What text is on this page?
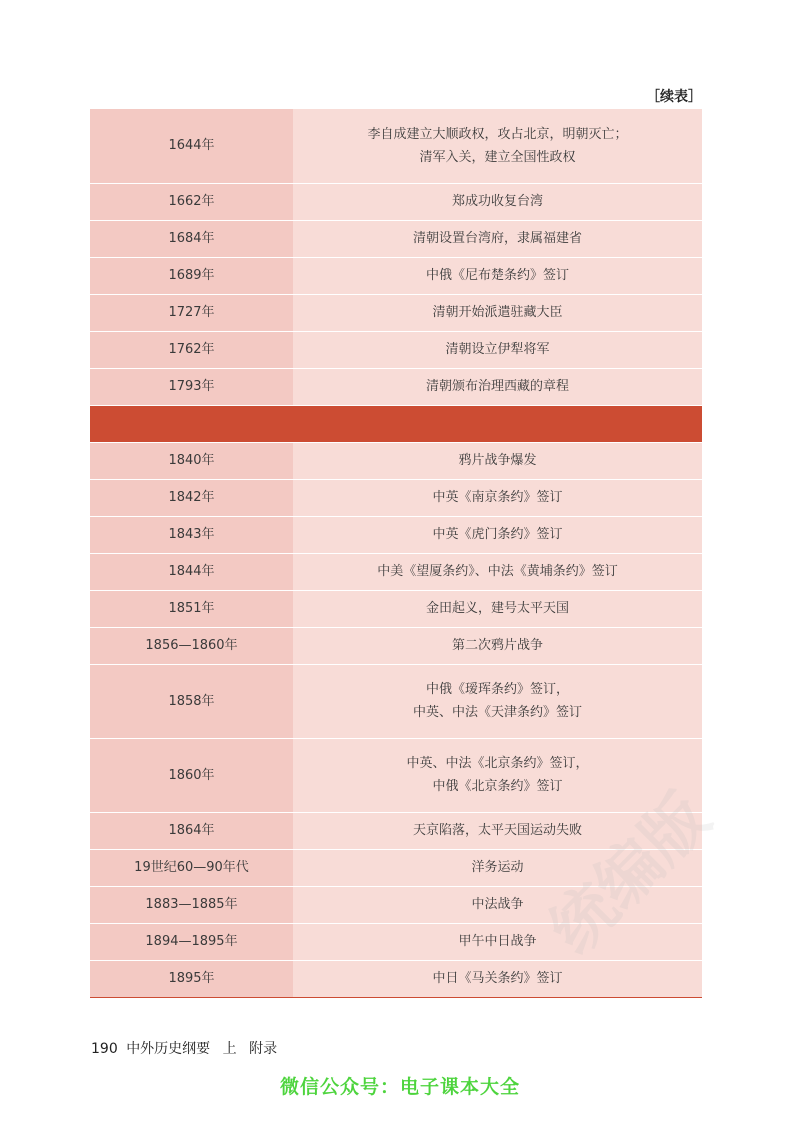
［续表］
1644年	李自成建立大顺政权，攻占北京，明朝灭亡；
清军入关，建立全国性政权
1662年	郑成功收复台湾
1684年	清朝设置台湾府，隶属福建省
1689年	中俄《尼布楚条约》签订
1727年	清朝开始派遣驻藏大臣
1762年	清朝设立伊犁将军
1793年	清朝颁布治理西藏的章程

1840年	鸦片战争爆发
1842年	中英《南京条约》签订
1843年	中英《虎门条约》签订
1844年	中美《望厦条约》、中法《黄埔条约》签订
1851年	金田起义，建号太平天国
1856—1860年	第二次鸦片战争
1858年	中俄《瑷珲条约》签订，
中英、中法《天津条约》签订
1860年	中英、中法《北京条约》签订，
中俄《北京条约》签订
1864年	天京陷落，太平天国运动失败
19世纪60—90年代	洋务运动
1883—1885年	中法战争
1894—1895年	甲午中日战争
1895年	中日《马关条约》签订
190 中外历史纲要 上 附录
微信公众号：电子课本大全
